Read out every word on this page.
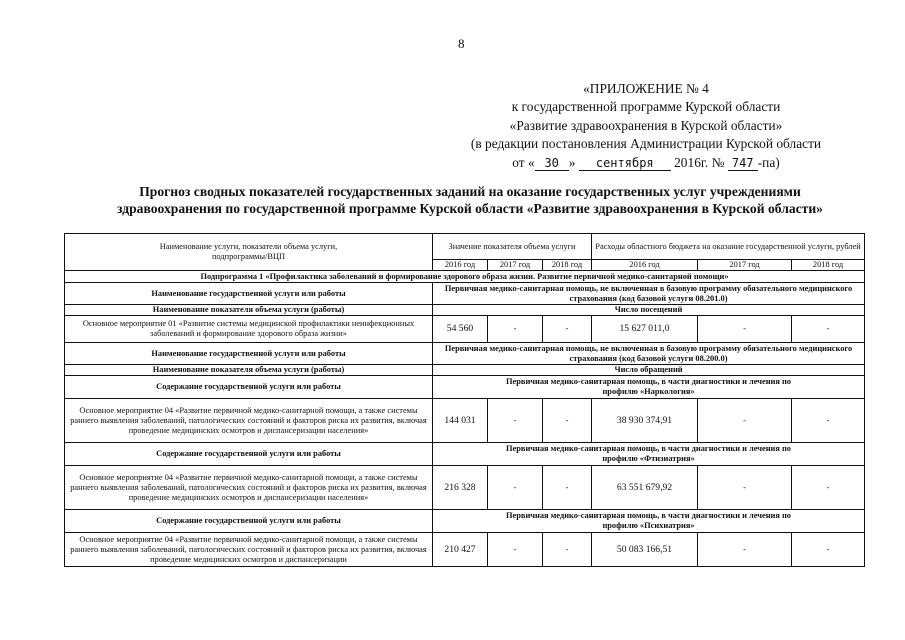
8
«ПРИЛОЖЕНИЕ № 4
к государственной программе Курской области
«Развитие здравоохранения в Курской области»
(в редакции постановления Администрации Курской области
от « 30 » сентября 2016г. № 747 -па)
Прогноз сводных показателей государственных заданий на оказание государственных услуг учреждениями
здравоохранения по государственной программе Курской области «Развитие здравоохранения в Курской области»
Наименование услуги, показатели объема услуги, подпрограммы/ВЦП	Значение показателя объема услуги			Расходы областного бюджета на оказание государственной услуги, рублей		
	2016 год	2017 год	2018 год	2016 год	2017 год	2018 год
Подпрограмма 1 «Профилактика заболеваний и формирование здорового образа жизни. Развитие первичной медико-санитарной помощи»						
Наименование государственной услуги или работы	Первичная медико-санитарная помощь, не включенная в базовую программу обязательного медицинского страхования (код базовой услуги 08.201.0)					
Наименование показателя объема услуги (работы)	Число посещений					
Основное мероприятие 01 «Развитие системы медицинской профилактики неинфекционных заболеваний и формирование здорового образа жизни»	54 560	-	-	15 627 011,0	-	-
Наименование государственной услуги или работы	Первичная медико-санитарная помощь, не включенная в базовую программу обязательного медицинского страхования (код базовой услуги 08.200.0)					
Наименование показателя объема услуги (работы)	Число обращений					
Содержание государственной услуги или работы	Первичная медико-санитарная помощь, в части диагностики и лечения по профилю «Наркология»					
Основное мероприятие 04 «Развитие первичной медико-санитарной помощи, а также системы раннего выявления заболеваний, патологических состояний и факторов риска их развития, включая проведение медицинских осмотров и диспансеризации населения»	144 031	-	-	38 930 374,91	-	-
Содержание государственной услуги или работы	Первичная медико-санитарная помощь, в части диагностики и лечения по профилю «Фтизиатрия»					
Основное мероприятие 04 «Развитие первичной медико-санитарной помощи, а также системы раннего выявления заболеваний, патологических состояний и факторов риска их развития, включая проведение медицинских осмотров и диспансеризации населения»	216 328	-	-	63 551 679,92	-	-
Содержание государственной услуги или работы	Первичная медико-санитарная помощь, в части диагностики и лечения по профилю «Психиатрия»					
Основное мероприятие 04 «Развитие первичной медико-санитарной помощи, а также системы раннего выявления заболеваний, патологических состояний и факторов риска их развития, включая проведение медицинских осмотров и диспансеризации	210 427	-	-	50 083 166,51	-	-
